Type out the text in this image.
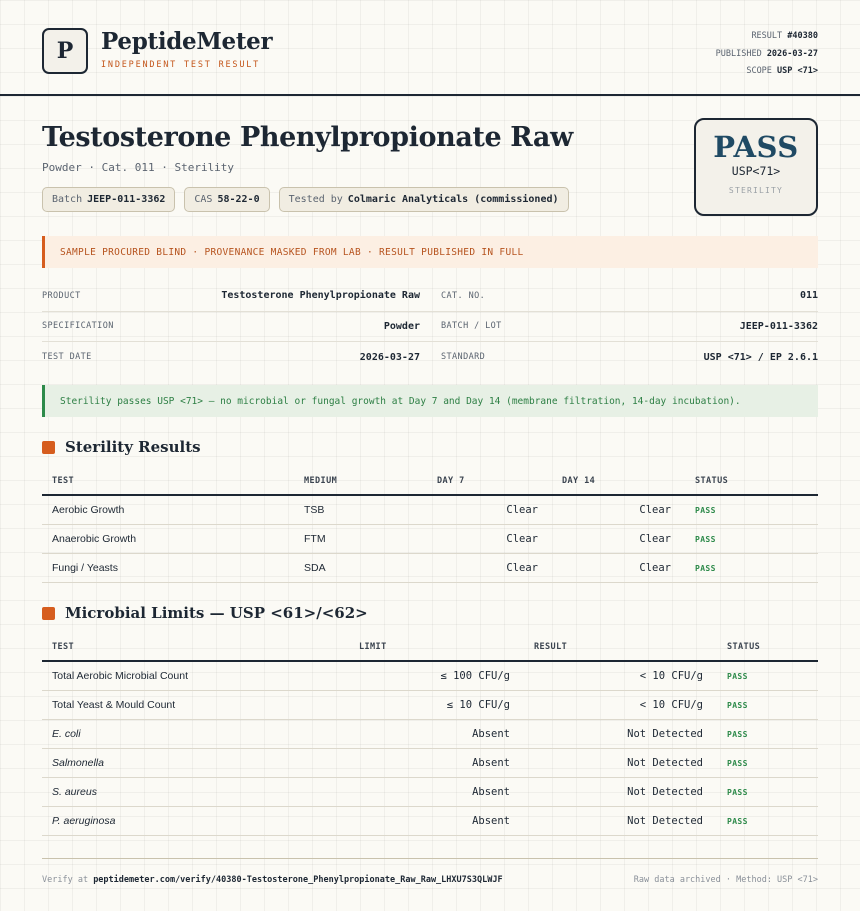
P	PeptideMeter
INDEPENDENT TEST RESULT
RESULT #40380
PUBLISHED 2026-03-27
SCOPE USP <71>
Testosterone Phenylpropionate Raw
Powder · Cat. 011 · Sterility
Batch JEEP-011-3362	CAS 58-22-0	Tested by Colmaric Analyticals (commissioned)
PASS
USP<71>
STERILITY
SAMPLE PROCURED BLIND · PROVENANCE MASKED FROM LAB · RESULT PUBLISHED IN FULL
PRODUCT	Testosterone Phenylpropionate Raw CAT. NO.	011
SPECIFICATION	Powder BATCH / LOT	JEEP-011-3362
TEST DATE	2026-03-27 STANDARD	USP <71> / EP 2.6.1
Sterility passes USP <71> — no microbial or fungal growth at Day 7 and Day 14 (membrane filtration, 14-day incubation).
Sterility Results
TEST	MEDIUM	DAY 7	DAY 14	STATUS
Aerobic Growth	TSB	Clear	Clear	PASS
Anaerobic Growth	FTM	Clear	Clear	PASS
Fungi / Yeasts	SDA	Clear	Clear	PASS
Microbial Limits — USP <61>/<62>
TEST	LIMIT	RESULT	STATUS
Total Aerobic Microbial Count	≤ 100 CFU/g	< 10 CFU/g	PASS
Total Yeast & Mould Count	≤ 10 CFU/g	< 10 CFU/g	PASS
E. coli	Absent	Not Detected	PASS
Salmonella	Absent	Not Detected	PASS
S. aureus	Absent	Not Detected	PASS
P. aeruginosa	Absent	Not Detected	PASS
Verify at peptidemeter.com/verify/40380-Testosterone_Phenylpropionate_Raw_Raw_LHXU7S3QLWJF	Raw data archived · Method: USP <71>
